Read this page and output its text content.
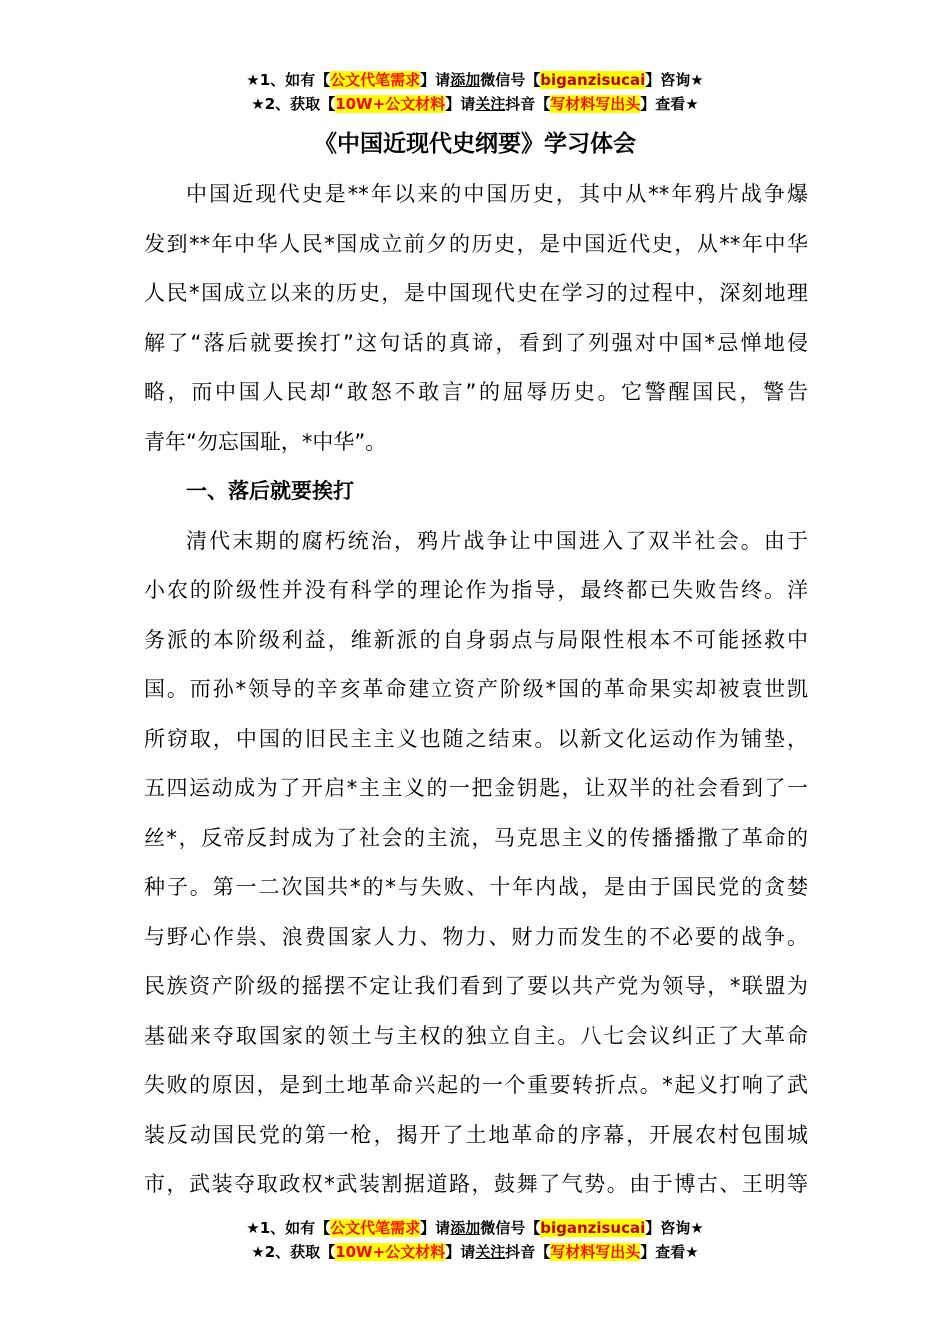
★1、如有【公文代笔需求】请添加微信号【biganzisucai】咨询★
★2、获取【10W+公文材料】请关注抖音【写材料写出头】查看★
《中国近现代史纲要》学习体会
中国近现代史是**年以来的中国历史，其中从**年鸦片战争爆
发到**年中华人民*国成立前夕的历史，是中国近代史，从**年中华
人民*国成立以来的历史，是中国现代史在学习的过程中，深刻地理
解了“落后就要挨打”这句话的真谛，看到了列强对中国*忌惮地侵
略，而中国人民却“敢怒不敢言”的屈辱历史。它警醒国民，警告
青年“勿忘国耻，*中华”。
一、落后就要挨打
清代末期的腐朽统治，鸦片战争让中国进入了双半社会。由于
小农的阶级性并没有科学的理论作为指导，最终都已失败告终。洋
务派的本阶级利益，维新派的自身弱点与局限性根本不可能拯救中
国。而孙*领导的辛亥革命建立资产阶级*国的革命果实却被袁世凯
所窃取，中国的旧民主主义也随之结束。以新文化运动作为铺垫，
五四运动成为了开启*主主义的一把金钥匙，让双半的社会看到了一
丝*，反帝反封成为了社会的主流，马克思主义的传播播撒了革命的
种子。第一二次国共*的*与失败、十年内战，是由于国民党的贪婪
与野心作祟、浪费国家人力、物力、财力而发生的不必要的战争。
民族资产阶级的摇摆不定让我们看到了要以共产党为领导，*联盟为
基础来夺取国家的领土与主权的独立自主。八七会议纠正了大革命
失败的原因，是到土地革命兴起的一个重要转折点。*起义打响了武
装反动国民党的第一枪，揭开了土地革命的序幕，开展农村包围城
市，武装夺取政权*武装割据道路，鼓舞了气势。由于博古、王明等
★1、如有【公文代笔需求】请添加微信号【biganzisucai】咨询★
★2、获取【10W+公文材料】请关注抖音【写材料写出头】查看★
